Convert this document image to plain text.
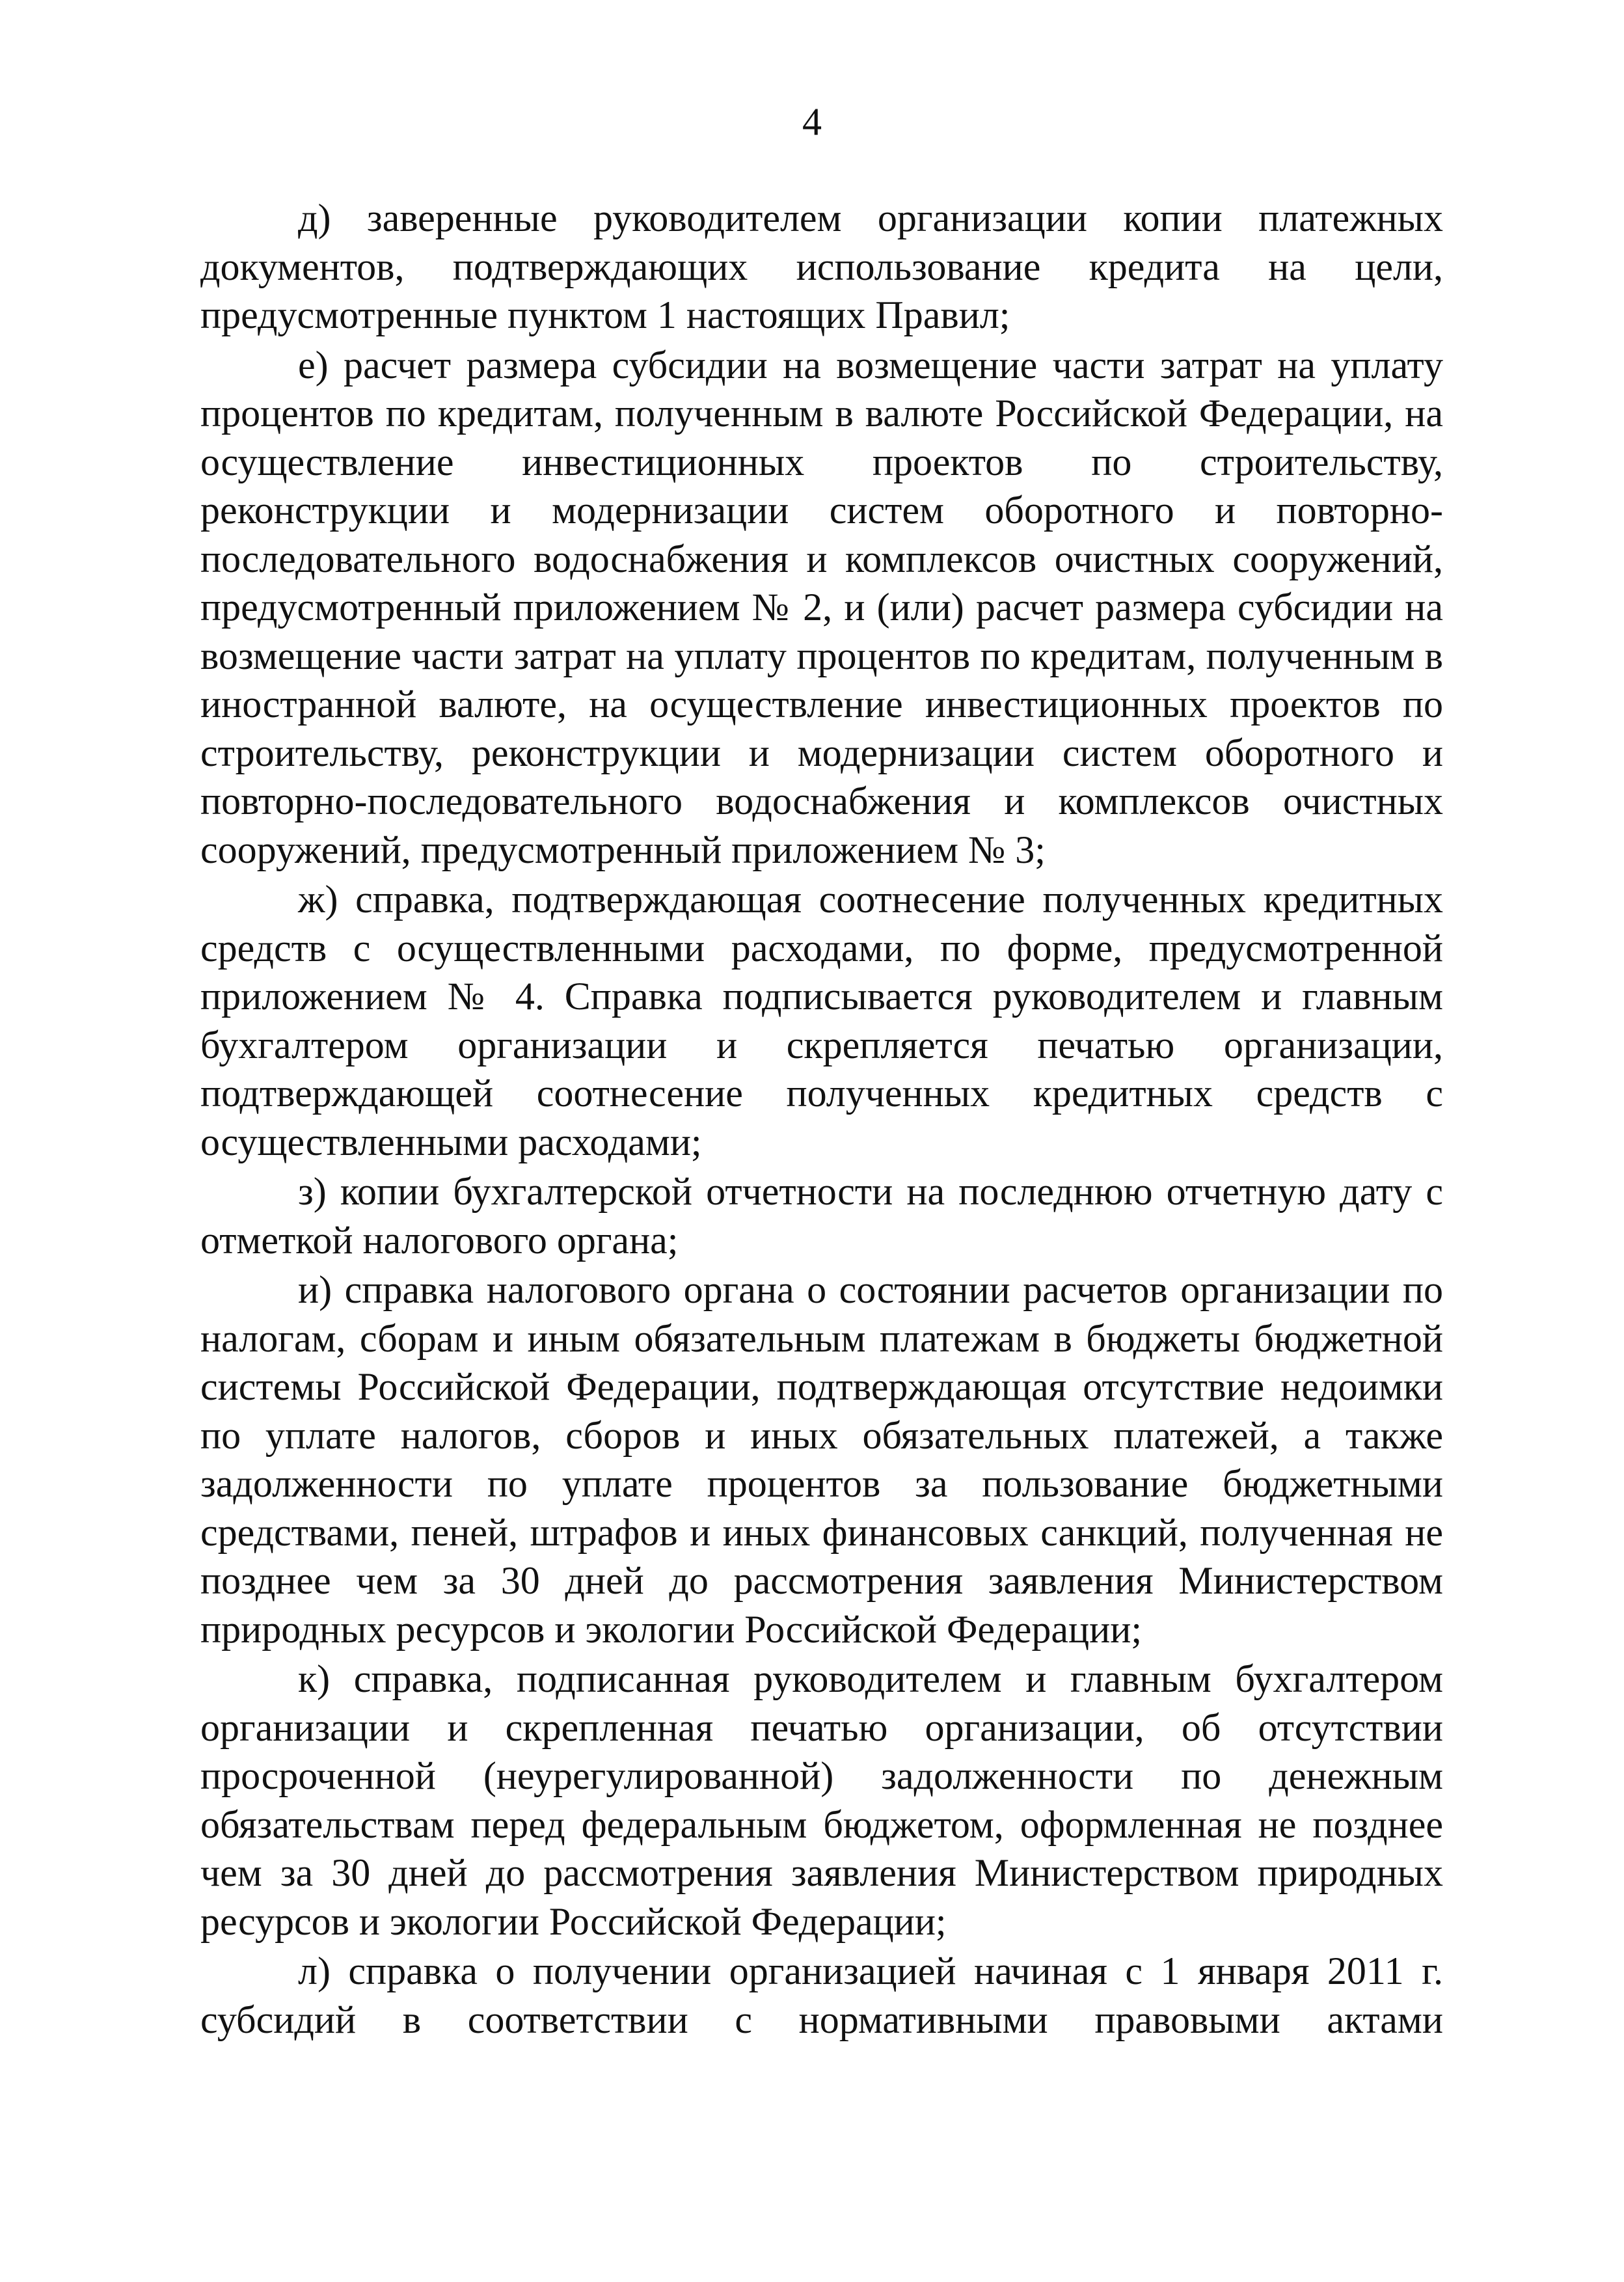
4

д) заверенные руководителем организации копии платежных документов, подтверждающих использование кредита на цели, предусмотренные пунктом 1 настоящих Правил;

е) расчет размера субсидии на возмещение части затрат на уплату процентов по кредитам, полученным в валюте Российской Федерации, на осуществление инвестиционных проектов по строительству, реконструкции и модернизации систем оборотного и повторно-последовательного водоснабжения и комплексов очистных сооружений, предусмотренный приложением № 2, и (или) расчет размера субсидии на возмещение части затрат на уплату процентов по кредитам, полученным в иностранной валюте, на осуществление инвестиционных проектов по строительству, реконструкции и модернизации систем оборотного и повторно-последовательного водоснабжения и комплексов очистных сооружений, предусмотренный приложением № 3;

ж) справка, подтверждающая соотнесение полученных кредитных средств с осуществленными расходами, по форме, предусмотренной приложением № 4. Справка подписывается руководителем и главным бухгалтером организации и скрепляется печатью организации, подтверждающей соотнесение полученных кредитных средств с осуществленными расходами;

з) копии бухгалтерской отчетности на последнюю отчетную дату с отметкой налогового органа;

и) справка налогового органа о состоянии расчетов организации по налогам, сборам и иным обязательным платежам в бюджеты бюджетной системы Российской Федерации, подтверждающая отсутствие недоимки по уплате налогов, сборов и иных обязательных платежей, а также задолженности по уплате процентов за пользование бюджетными средствами, пеней, штрафов и иных финансовых санкций, полученная не позднее чем за 30 дней до рассмотрения заявления Министерством природных ресурсов и экологии Российской Федерации;

к) справка, подписанная руководителем и главным бухгалтером организации и скрепленная печатью организации, об отсутствии просроченной (неурегулированной) задолженности по денежным обязательствам перед федеральным бюджетом, оформленная не позднее чем за 30 дней до рассмотрения заявления Министерством природных ресурсов и экологии Российской Федерации;

л) справка о получении организацией начиная с 1 января 2011 г. субсидий в соответствии с нормативными правовыми актами
